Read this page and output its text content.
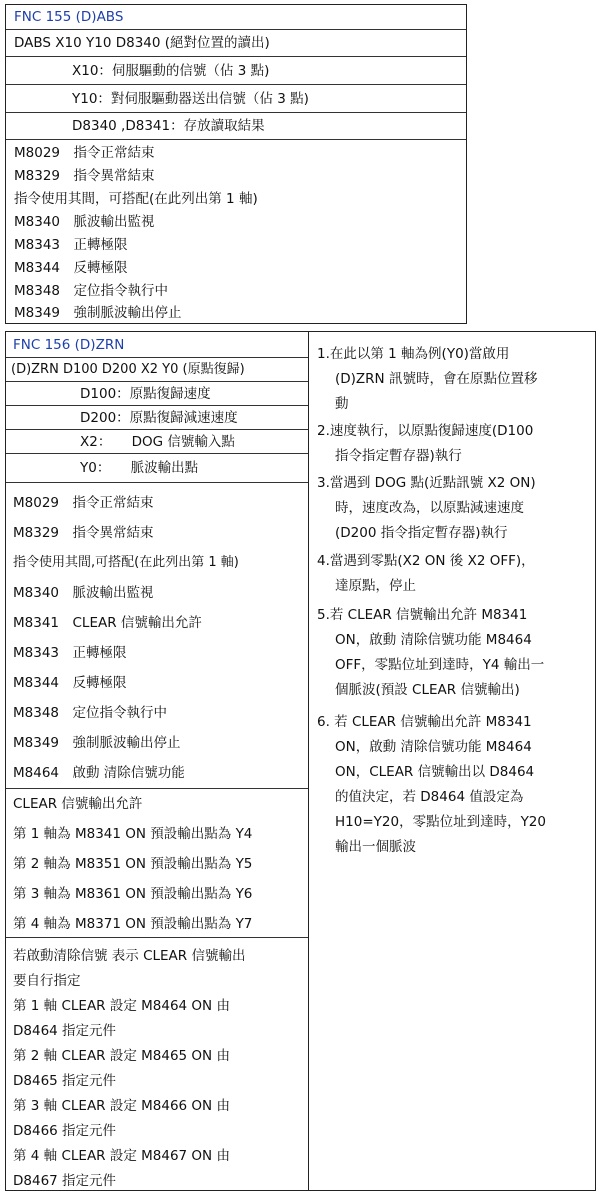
FNC 155 (D)ABS
DABS X10 Y10 D8340 (絕對位置的讀出)
X10：伺服驅動的信號（佔 3 點)
Y10：對伺服驅動器送出信號（佔 3 點)
D8340 ,D8341：存放讀取結果
M8029　指令正常結束
M8329　指令異常結束
指令使用其間，可搭配(在此列出第 1 軸)
M8340　脈波輸出監視
M8343　正轉極限
M8344　反轉極限
M8348　定位指令執行中
M8349　強制脈波輸出停止
FNC 156 (D)ZRN
(D)ZRN D100 D200 X2 Y0 (原點復歸)
D100：原點復歸速度
D200：原點復歸減速速度
X2：　　DOG 信號輸入點
Y0：　　脈波輸出點
M8029　指令正常結束
M8329　指令異常結束
指令使用其間,可搭配(在此列出第 1 軸)
M8340　脈波輸出監視
M8341　CLEAR 信號輸出允許
M8343　正轉極限
M8344　反轉極限
M8348　定位指令執行中
M8349　強制脈波輸出停止
M8464　啟動 清除信號功能
CLEAR 信號輸出允許
第 1 軸為 M8341 ON 預設輸出點為 Y4
第 2 軸為 M8351 ON 預設輸出點為 Y5
第 3 軸為 M8361 ON 預設輸出點為 Y6
第 4 軸為 M8371 ON 預設輸出點為 Y7
若啟動清除信號 表示 CLEAR 信號輸出
要自行指定
第 1 軸 CLEAR 設定 M8464 ON 由
D8464 指定元件
第 2 軸 CLEAR 設定 M8465 ON 由
D8465 指定元件
第 3 軸 CLEAR 設定 M8466 ON 由
D8466 指定元件
第 4 軸 CLEAR 設定 M8467 ON 由
D8467 指定元件
1.在此以第 1 軸為例(Y0)當啟用
(D)ZRN 訊號時，會在原點位置移
動
2.速度執行，以原點復歸速度(D100
指令指定暫存器)執行
3.當遇到 DOG 點(近點訊號 X2 ON)
時，速度改為，以原點減速速度
(D200 指令指定暫存器)執行
4.當遇到零點(X2 ON 後 X2 OFF)，
達原點，停止
5.若 CLEAR 信號輸出允許 M8341
ON，啟動 清除信號功能 M8464
OFF，零點位址到達時，Y4 輸出一
個脈波(預設 CLEAR 信號輸出)
6. 若 CLEAR 信號輸出允許 M8341
ON，啟動 清除信號功能 M8464
ON，CLEAR 信號輸出以 D8464
的值決定，若 D8464 值設定為
H10=Y20，零點位址到達時，Y20
輸出一個脈波
